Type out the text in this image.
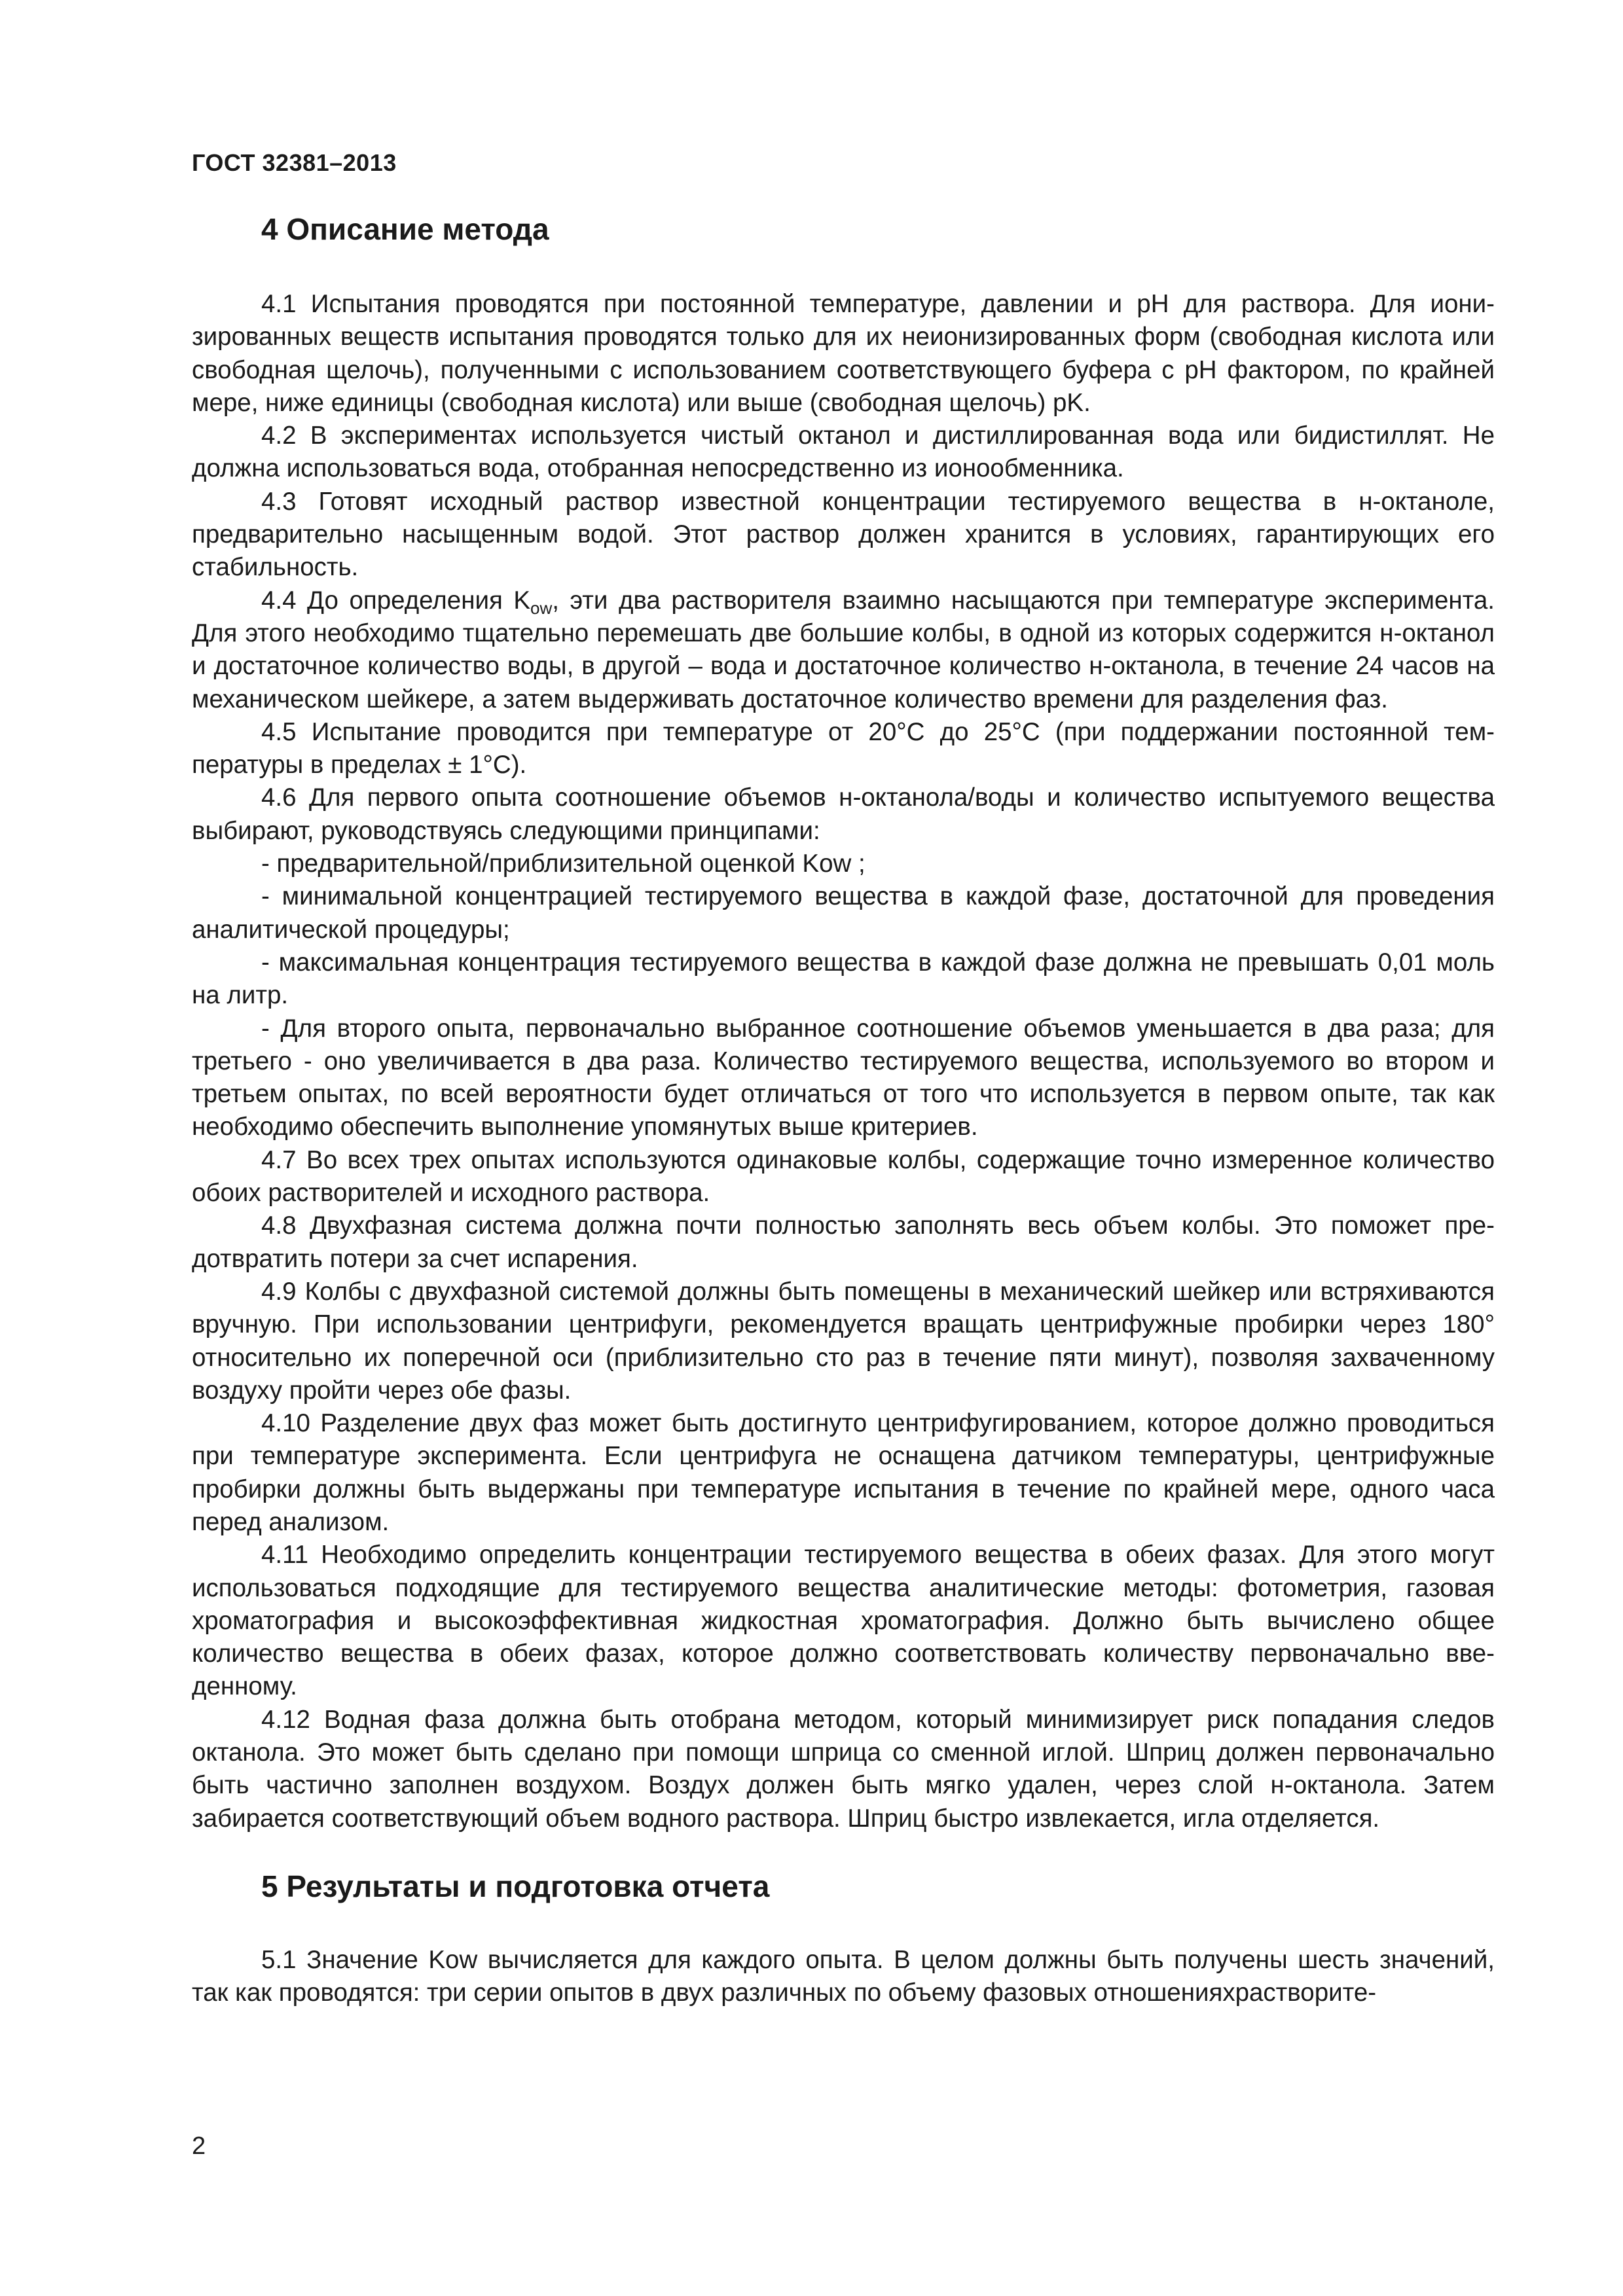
ГОСТ 32381–2013
4 Описание метода

4.1 Испытания проводятся при постоянной температуре, давлении и pH для раствора. Для ионизированных веществ испытания проводятся только для их неионизированных форм (свободная кислота или свободная щелочь), полученными с использованием соответствующего буфера с pH фактором, по крайней мере, ниже единицы (свободная кислота) или выше (свободная щелочь) pK.

4.2 В экспериментах используется чистый октанол и дистиллированная вода или бидистиллят. Не должна использоваться вода, отобранная непосредственно из ионообменника.

4.3 Готовят исходный раствор известной концентрации тестируемого вещества в н-октаноле, предварительно насыщенным водой. Этот раствор должен хранится в условиях, гарантирующих его стабильность.

4.4 До определения $K_{ow}$, эти два растворителя взаимно насыщаются при температуре эксперимента. Для этого необходимо тщательно перемешать две большие колбы, в одной из которых содержится н-октанол и достаточное количество воды, в другой – вода и достаточное количество н-октанола, в течение 24 часов на механическом шейкере, а затем выдерживать достаточное количество времени для разделения фаз.

4.5 Испытание проводится при температуре от 20°C до 25°C (при поддержании постоянной температуры в пределах ± 1°C).

4.6 Для первого опыта соотношение объемов н-октанола/воды и количество испытуемого вещества выбирают, руководствуясь следующими принципами:

- предварительной/приблизительной оценкой Kow ;

- минимальной концентрацией тестируемого вещества в каждой фазе, достаточной для проведения аналитической процедуры;

- максимальная концентрация тестируемого вещества в каждой фазе должна не превышать 0,01 моль на литр.

- Для второго опыта, первоначально выбранное соотношение объемов уменьшается в два раза; для третьего - оно увеличивается в два раза. Количество тестируемого вещества, используемого во втором и третьем опытах, по всей вероятности будет отличаться от того что используется в первом опыте, так как необходимо обеспечить выполнение упомянутых выше критериев.

4.7 Во всех трех опытах используются одинаковые колбы, содержащие точно измеренное количество обоих растворителей и исходного раствора.

4.8 Двухфазная система должна почти полностью заполнять весь объем колбы. Это поможет предотвратить потери за счет испарения.

4.9 Колбы с двухфазной системой должны быть помещены в механический шейкер или встряхиваются вручную. При использовании центрифуги, рекомендуется вращать центрифужные пробирки через 180° относительно их поперечной оси (приблизительно сто раз в течение пяти минут), позволяя захваченному воздуху пройти через обе фазы.

4.10 Разделение двух фаз может быть достигнуто центрифугированием, которое должно проводиться при температуре эксперимента. Если центрифуга не оснащена датчиком температуры, центрифужные пробирки должны быть выдержаны при температуре испытания в течение по крайней мере, одного часа перед анализом.

4.11 Необходимо определить концентрации тестируемого вещества в обеих фазах. Для этого могут использоваться подходящие для тестируемого вещества аналитические методы: фотометрия, газовая хроматография и высокоэффективная жидкостная хроматография. Должно быть вычислено общее количество вещества в обеих фазах, которое должно соответствовать количеству первоначально введенному.

4.12 Водная фаза должна быть отобрана методом, который минимизирует риск попадания следов октанола. Это может быть сделано при помощи шприца со сменной иглой. Шприц должен первоначально быть частично заполнен воздухом. Воздух должен быть мягко удален, через слой н-октанола. Затем забирается соответствующий объем водного раствора. Шприц быстро извлекается, игла отделяется.

5 Результаты и подготовка отчета

5.1 Значение Kow вычисляется для каждого опыта. В целом должны быть получены шесть значений, так как проводятся: три серии опытов в двух различных по объему фазовых отношенияхрастворите-

2
